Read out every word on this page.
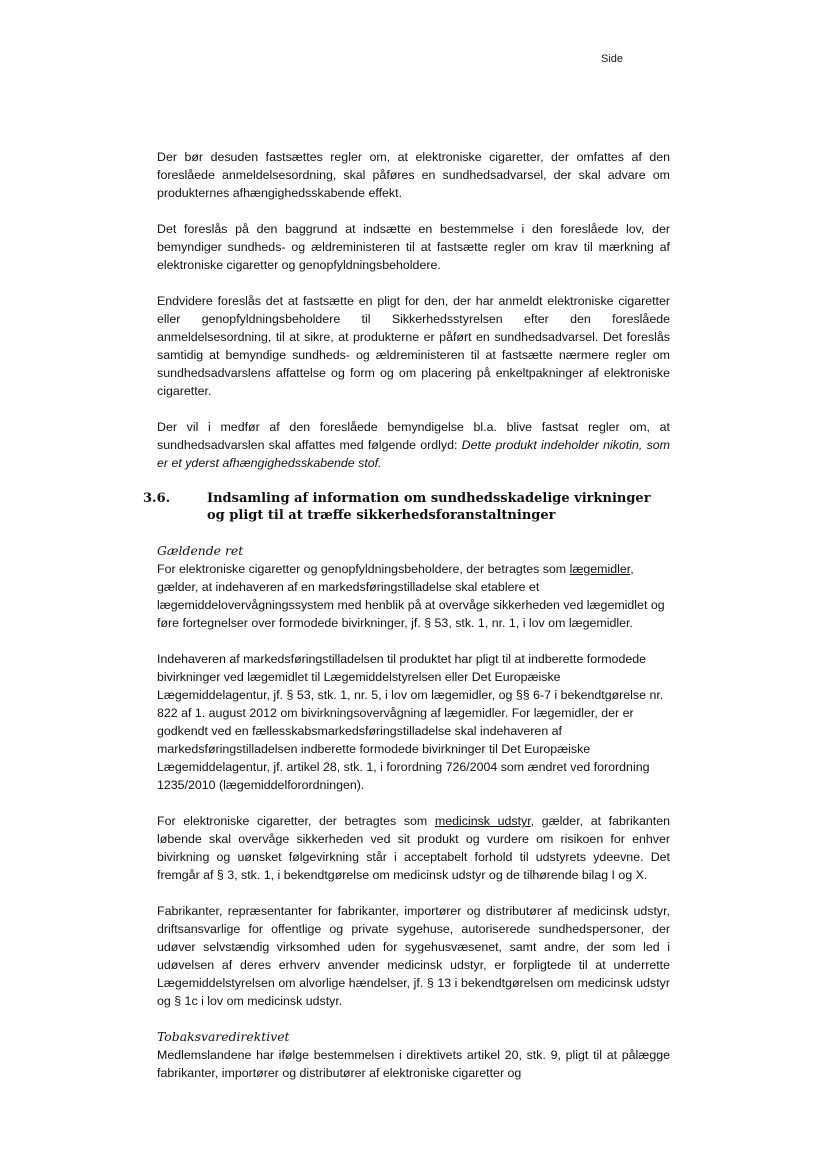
Side

Der bør desuden fastsættes regler om, at elektroniske cigaretter, der omfattes af den foreslåede anmeldelsesordning, skal påføres en sundhedsadvarsel, der skal advare om produkternes afhængighedsskabende effekt.

Det foreslås på den baggrund at indsætte en bestemmelse i den foreslåede lov, der bemyndiger sundheds- og ældreministeren til at fastsætte regler om krav til mærkning af elektroniske cigaretter og genopfyldningsbeholdere.

Endvidere foreslås det at fastsætte en pligt for den, der har anmeldt elektroniske cigaretter eller genopfyldningsbeholdere til Sikkerhedsstyrelsen efter den foreslåede anmeldelsesordning, til at sikre, at produkterne er påført en sundhedsadvarsel. Det foreslås samtidig at bemyndige sundheds- og ældreministeren til at fastsætte nærmere regler om sundhedsadvarslens affattelse og form og om placering på enkeltpakninger af elektroniske cigaretter.

Der vil i medfør af den foreslåede bemyndigelse bl.a. blive fastsat regler om, at sundhedsadvarslen skal affattes med følgende ordlyd: Dette produkt indeholder nikotin, som er et yderst afhængighedsskabende stof.

3.6.	Indsamling af information om sundhedsskadelige virkninger og pligt til at træffe sikkerhedsforanstaltninger
Gældende ret

For elektroniske cigaretter og genopfyldningsbeholdere, der betragtes som lægemidler, gælder, at indehaveren af en markedsføringstilladelse skal etablere et lægemiddelovervågningssystem med henblik på at overvåge sikkerheden ved lægemidlet og føre fortegnelser over formodede bivirkninger, jf. § 53, stk. 1, nr. 1, i lov om lægemidler.

Indehaveren af markedsføringstilladelsen til produktet har pligt til at indberette formodede bivirkninger ved lægemidlet til Lægemiddelstyrelsen eller Det Europæiske Lægemiddelagentur, jf. § 53, stk. 1, nr. 5, i lov om lægemidler, og §§ 6-7 i bekendtgørelse nr. 822 af 1. august 2012 om bivirkningsovervågning af lægemidler. For lægemidler, der er godkendt ved en fællesskabsmarkedsføringstilladelse skal indehaveren af markedsføringstilladelsen indberette formodede bivirkninger til Det Europæiske Lægemiddelagentur, jf. artikel 28, stk. 1, i forordning 726/2004 som ændret ved forordning 1235/2010 (lægemiddelforordningen).

For elektroniske cigaretter, der betragtes som medicinsk udstyr, gælder, at fabrikanten løbende skal overvåge sikkerheden ved sit produkt og vurdere om risikoen for enhver bivirkning og uønsket følgevirkning står i acceptabelt forhold til udstyrets ydeevne. Det fremgår af § 3, stk. 1, i bekendtgørelse om medicinsk udstyr og de tilhørende bilag I og X.

Fabrikanter, repræsentanter for fabrikanter, importører og distributører af medicinsk udstyr, driftsansvarlige for offentlige og private sygehuse, autoriserede sundhedspersoner, der udøver selvstændig virksomhed uden for sygehusvæsenet, samt andre, der som led i udøvelsen af deres erhverv anvender medicinsk udstyr, er forpligtede til at underrette Lægemiddelstyrelsen om alvorlige hændelser, jf. § 13 i bekendtgørelsen om medicinsk udstyr og § 1c i lov om medicinsk udstyr.

Tobaksvaredirektivet

Medlemslandene har ifølge bestemmelsen i direktivets artikel 20, stk. 9, pligt til at pålægge fabrikanter, importører og distributører af elektroniske cigaretter og
